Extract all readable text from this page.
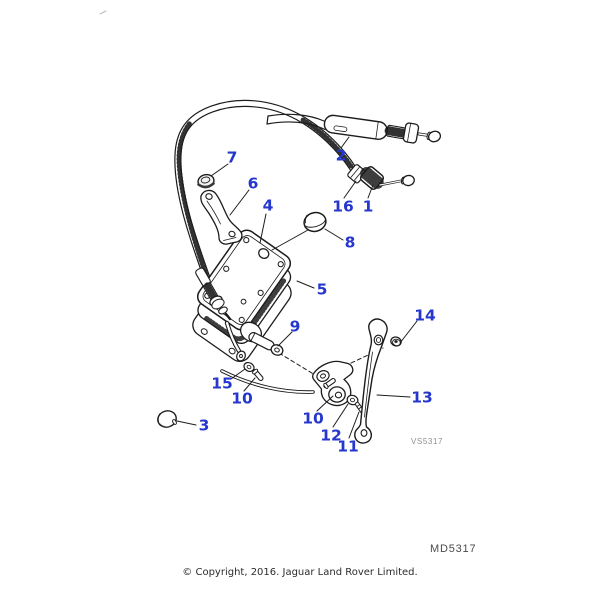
2
7
6
4	16 1
8
5
9
14
15
10
10
12
11
13
3
VS5317
MD5317
© Copyright, 2016. Jaguar Land Rover Limited.
